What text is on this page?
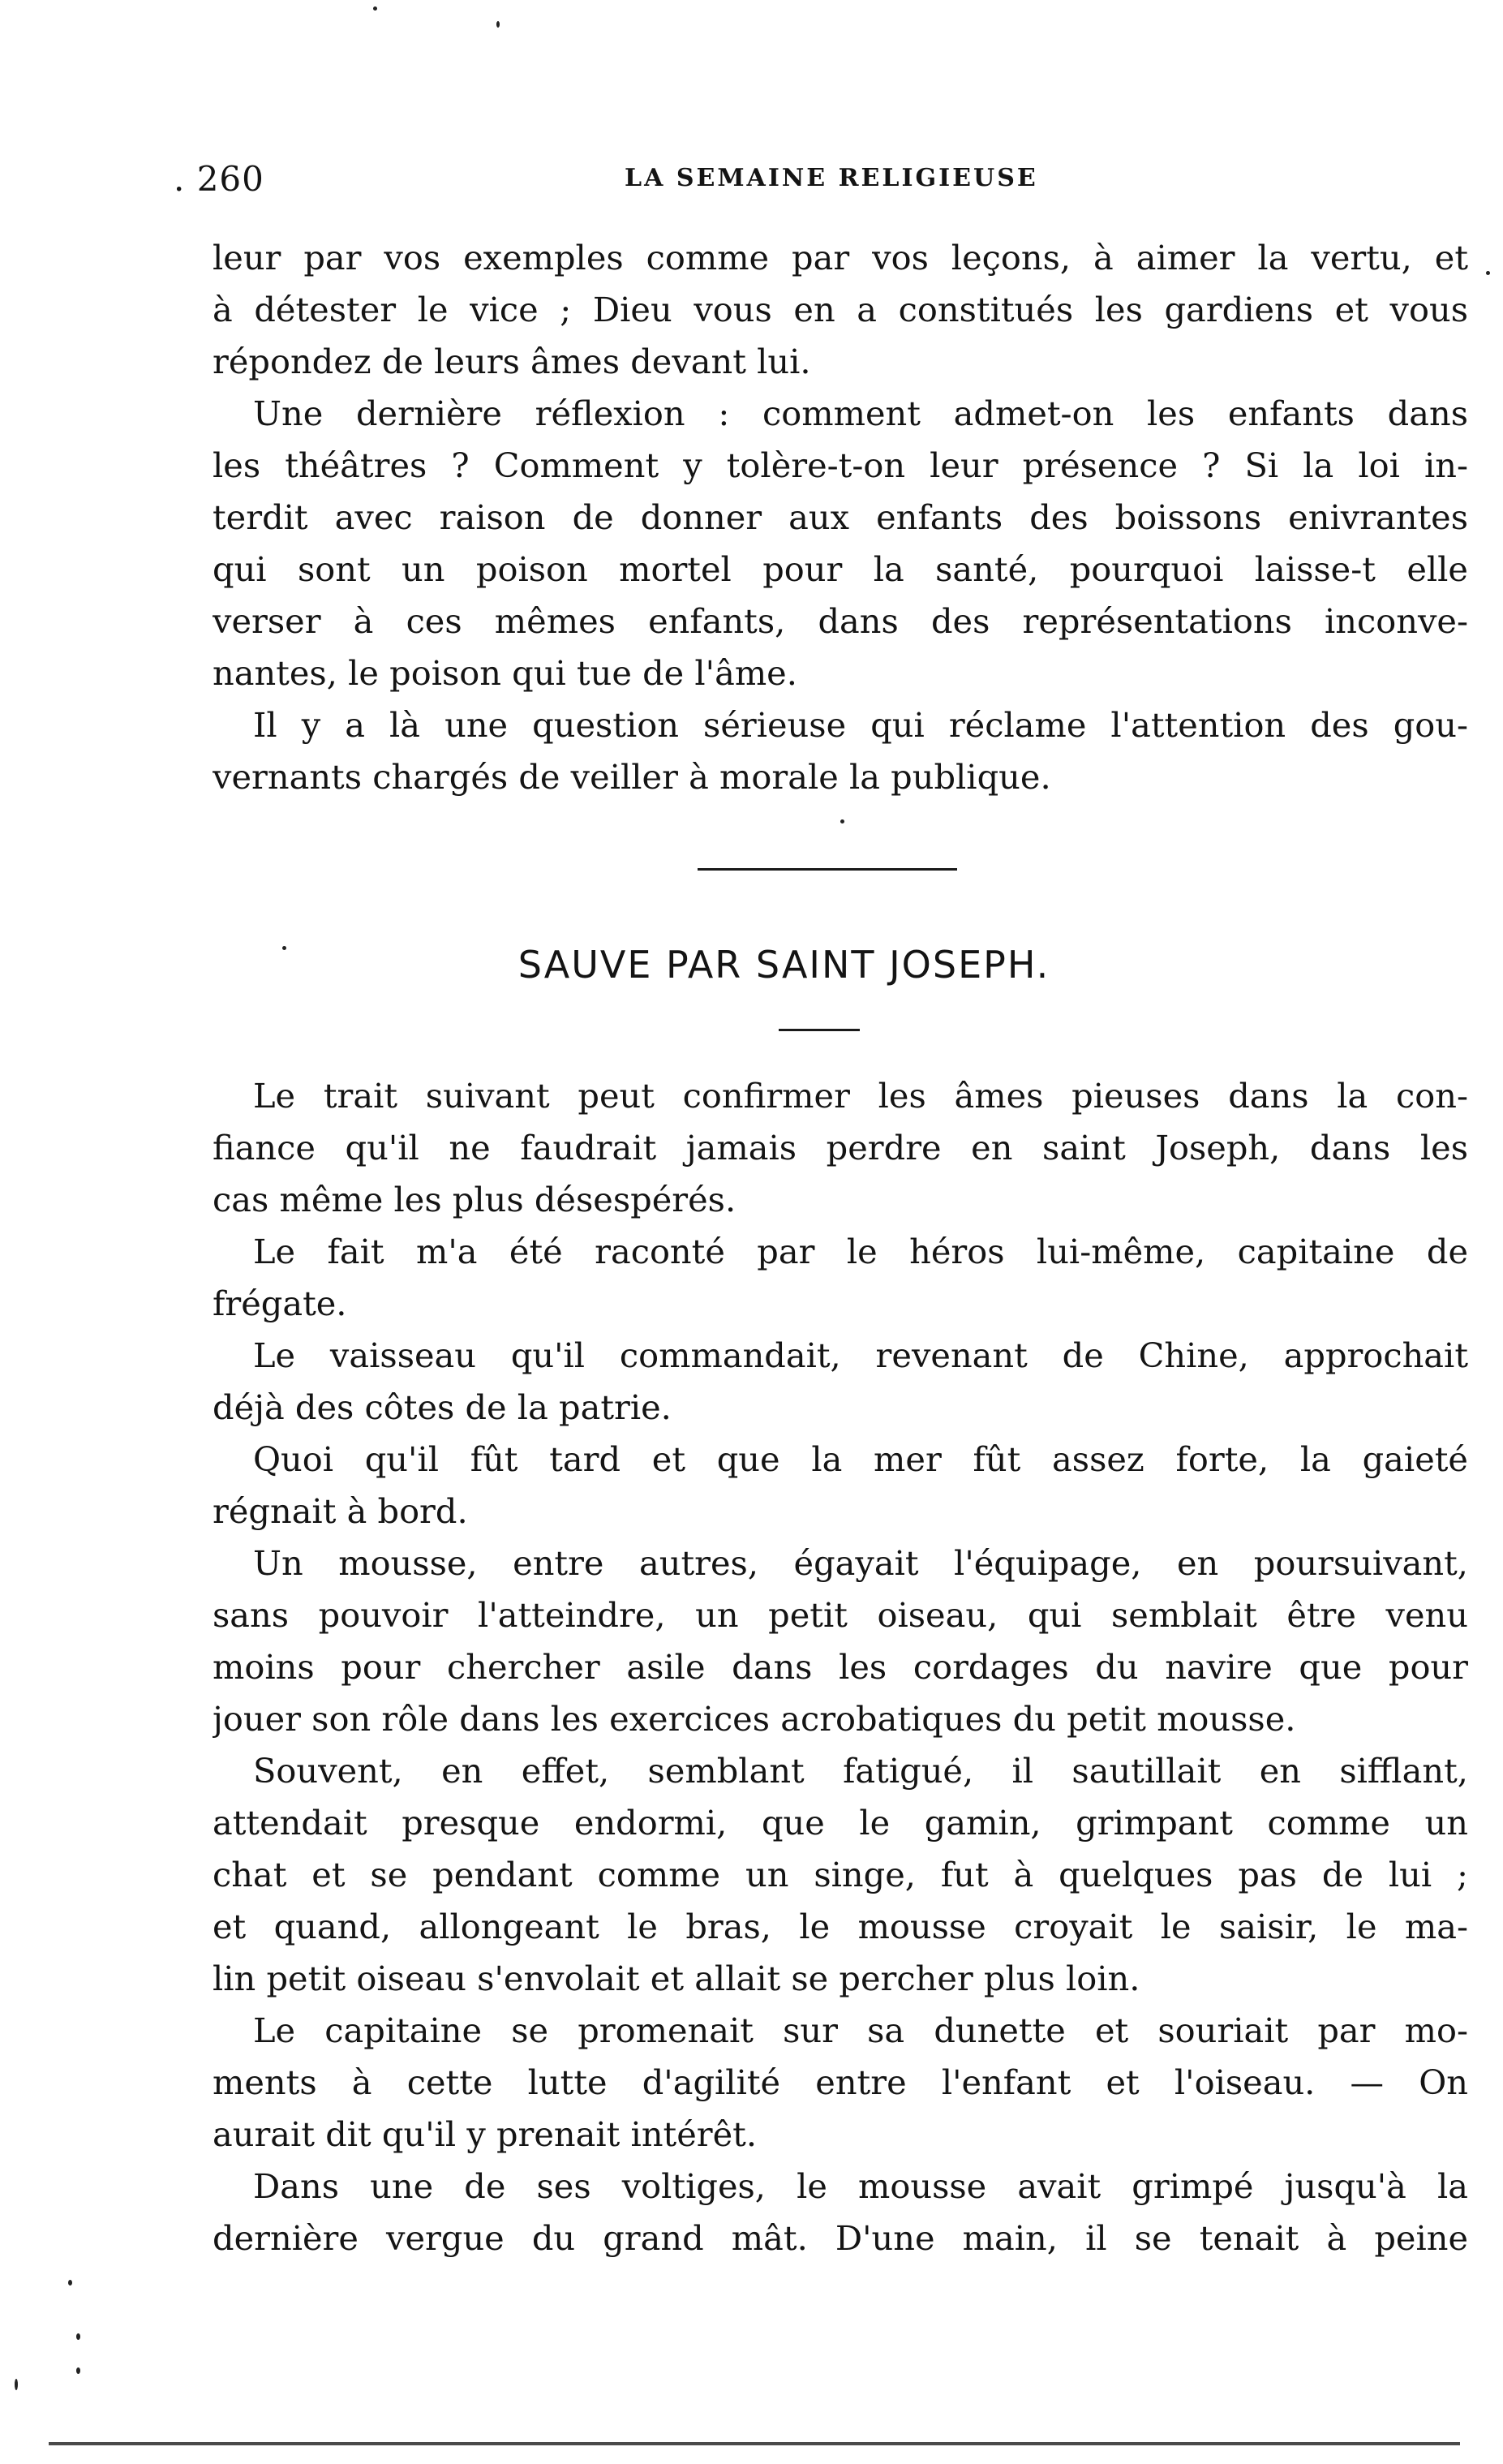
. 260	LA SEMAINE RELIGIEUSE
leur par vos exemples comme par vos leçons, à aimer la vertu, et
à détester le vice ; Dieu vous en a constitués les gardiens et vous
répondez de leurs âmes devant lui.
Une dernière réflexion : comment admet-on les enfants dans
les théâtres ? Comment y tolère-t-on leur présence ? Si la loi in-
terdit avec raison de donner aux enfants des boissons enivrantes
qui sont un poison mortel pour la santé, pourquoi laisse-t elle
verser à ces mêmes enfants, dans des représentations inconve-
nantes, le poison qui tue de l'âme.
Il y a là une question sérieuse qui réclame l'attention des gou-
vernants chargés de veiller à morale la publique.
SAUVE PAR SAINT JOSEPH.
Le trait suivant peut confirmer les âmes pieuses dans la con-
fiance qu'il ne faudrait jamais perdre en saint Joseph, dans les
cas même les plus désespérés.
Le fait m'a été raconté par le héros lui-même, capitaine de
frégate.
Le vaisseau qu'il commandait, revenant de Chine, approchait
déjà des côtes de la patrie.
Quoi qu'il fût tard et que la mer fût assez forte, la gaieté
régnait à bord.
Un mousse, entre autres, égayait l'équipage, en poursuivant,
sans pouvoir l'atteindre, un petit oiseau, qui semblait être venu
moins pour chercher asile dans les cordages du navire que pour
jouer son rôle dans les exercices acrobatiques du petit mousse.
Souvent, en effet, semblant fatigué, il sautillait en sifflant,
attendait presque endormi, que le gamin, grimpant comme un
chat et se pendant comme un singe, fut à quelques pas de lui ;
et quand, allongeant le bras, le mousse croyait le saisir, le ma-
lin petit oiseau s'envolait et allait se percher plus loin.
Le capitaine se promenait sur sa dunette et souriait par mo-
ments à cette lutte d'agilité entre l'enfant et l'oiseau. — On
aurait dit qu'il y prenait intérêt.
Dans une de ses voltiges, le mousse avait grimpé jusqu'à la
dernière vergue du grand mât. D'une main, il se tenait à peine
